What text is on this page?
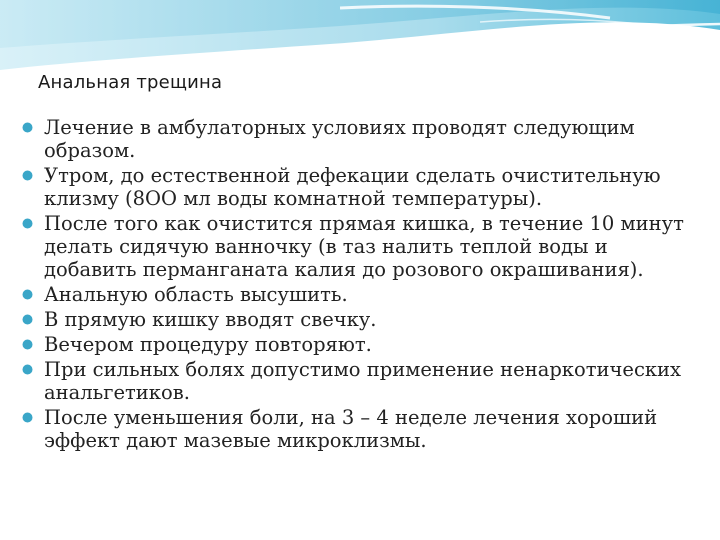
Анальная трещина
Лечение в амбулаторных условиях проводят следующим образом.
Утром, до естественной дефекации сделать очистительную клизму (8ОО мл воды комнатной температуры).
После того как очистится прямая кишка, в течение 10 минут делать сидячую ванночку (в таз налить теплой воды и добавить перманганата калия до розового окрашивания).
Анальную область высушить.
В прямую кишку вводят свечку.
Вечером процедуру повторяют.
При сильных болях допустимо применение ненаркотических анальгетиков.
После уменьшения боли, на 3 – 4 неделе лечения хороший эффект дают мазевые микроклизмы.
